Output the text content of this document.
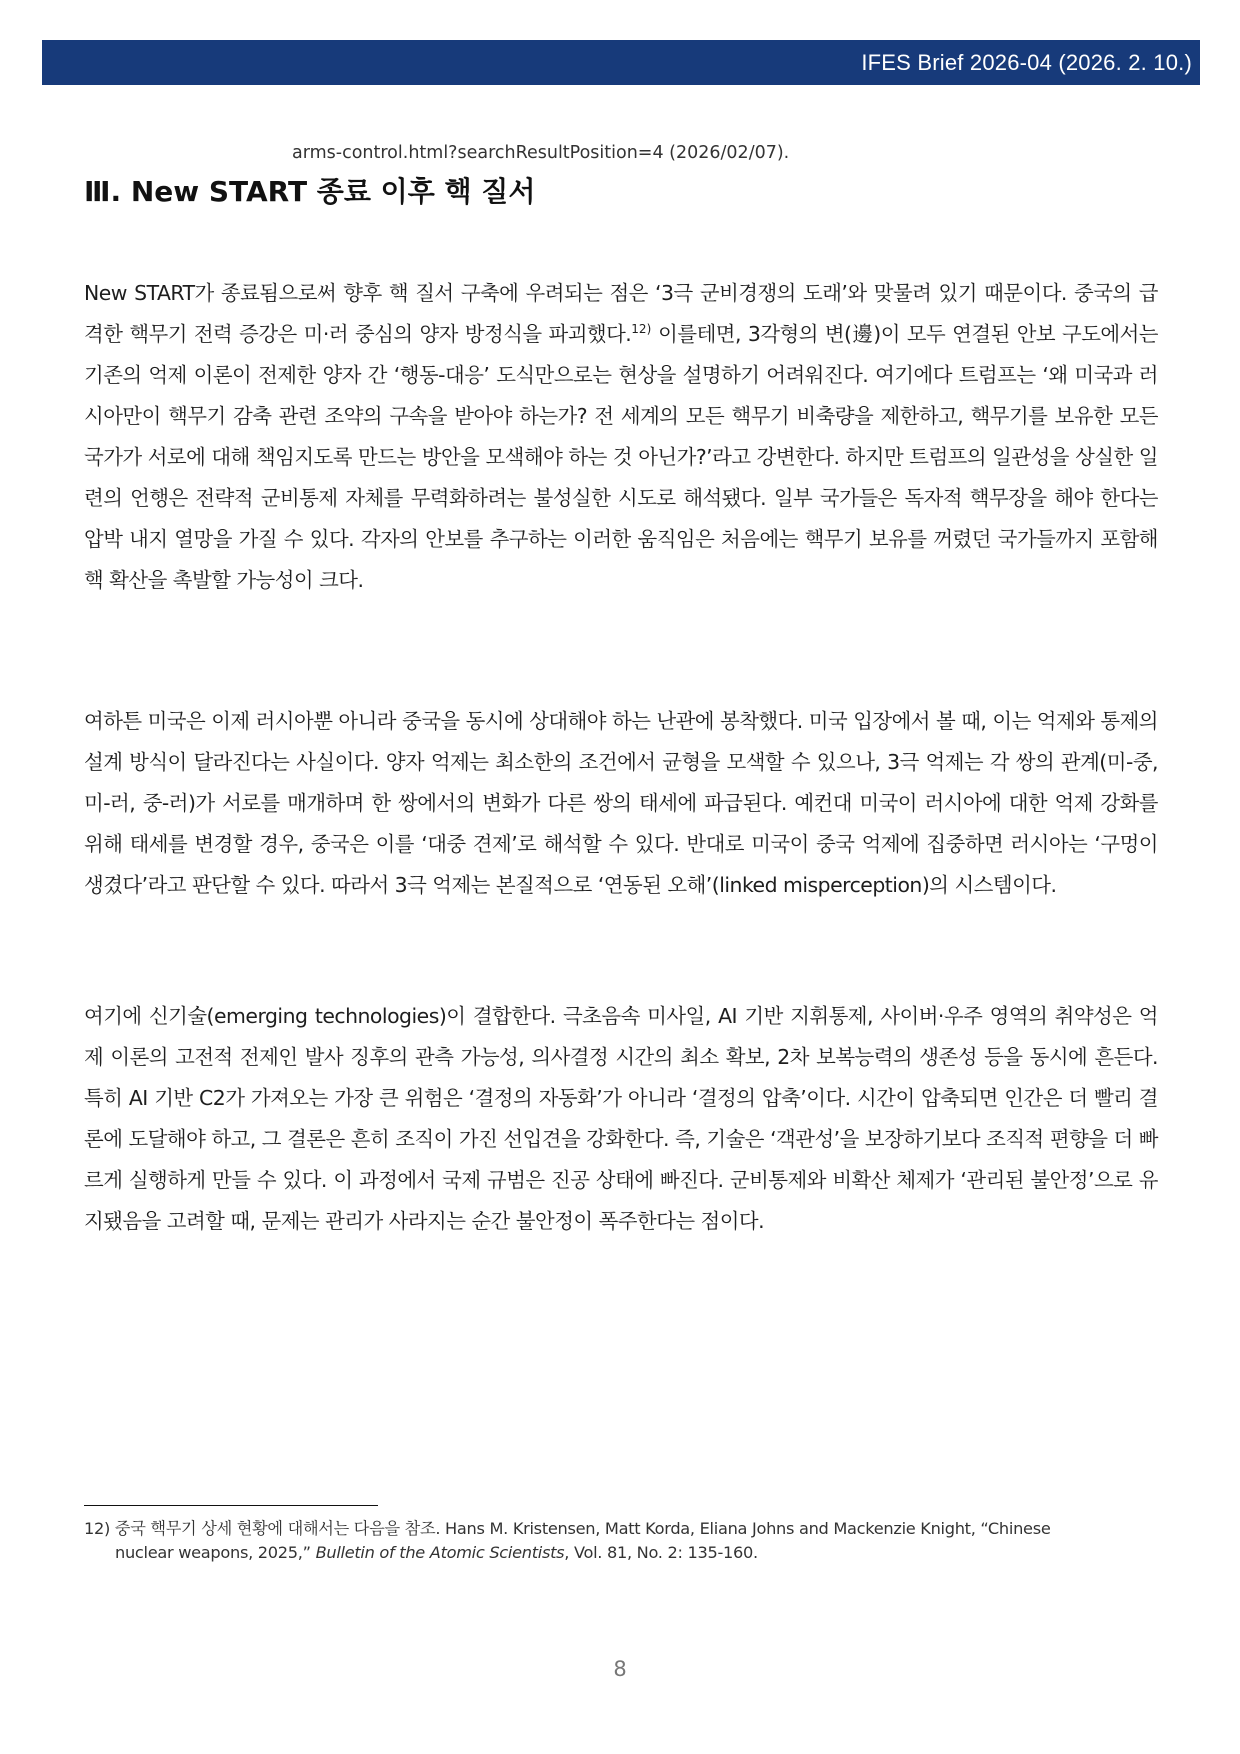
IFES Brief 2026-04 (2026. 2. 10.)
arms-control.html?searchResultPosition=4 (2026/02/07).
Ⅲ. New START 종료 이후 핵 질서

New START가 종료됨으로써 향후 핵 질서 구축에 우려되는 점은 ‘3극 군비경쟁의 도래’와 맞물려 있기 때문이다. 중국의 급격한 핵무기 전력 증강은 미·러 중심의 양자 방정식을 파괴했다.$^{12)}$ 이를테면, 3각형의 변(邊)이 모두 연결된 안보 구도에서는 기존의 억제 이론이 전제한 양자 간 ‘행동-대응’ 도식만으로는 현상을 설명하기 어려워진다. 여기에다 트럼프는 ‘왜 미국과 러시아만이 핵무기 감축 관련 조약의 구속을 받아야 하는가? 전 세계의 모든 핵무기 비축량을 제한하고, 핵무기를 보유한 모든 국가가 서로에 대해 책임지도록 만드는 방안을 모색해야 하는 것 아닌가?’라고 강변한다. 하지만 트럼프의 일관성을 상실한 일련의 언행은 전략적 군비통제 자체를 무력화하려는 불성실한 시도로 해석됐다. 일부 국가들은 독자적 핵무장을 해야 한다는 압박 내지 열망을 가질 수 있다. 각자의 안보를 추구하는 이러한 움직임은 처음에는 핵무기 보유를 꺼렸던 국가들까지 포함해 핵 확산을 촉발할 가능성이 크다.

여하튼 미국은 이제 러시아뿐 아니라 중국을 동시에 상대해야 하는 난관에 봉착했다. 미국 입장에서 볼 때, 이는 억제와 통제의 설계 방식이 달라진다는 사실이다. 양자 억제는 최소한의 조건에서 균형을 모색할 수 있으나, 3극 억제는 각 쌍의 관계(미-중, 미-러, 중-러)가 서로를 매개하며 한 쌍에서의 변화가 다른 쌍의 태세에 파급된다. 예컨대 미국이 러시아에 대한 억제 강화를 위해 태세를 변경할 경우, 중국은 이를 ‘대중 견제’로 해석할 수 있다. 반대로 미국이 중국 억제에 집중하면 러시아는 ‘구멍이 생겼다’라고 판단할 수 있다. 따라서 3극 억제는 본질적으로 ‘연동된 오해’(linked misperception)의 시스템이다.

여기에 신기술(emerging technologies)이 결합한다. 극초음속 미사일, AI 기반 지휘통제, 사이버·우주 영역의 취약성은 억제 이론의 고전적 전제인 발사 징후의 관측 가능성, 의사결정 시간의 최소 확보, 2차 보복능력의 생존성 등을 동시에 흔든다. 특히 AI 기반 C2가 가져오는 가장 큰 위험은 ‘결정의 자동화’가 아니라 ‘결정의 압축’이다. 시간이 압축되면 인간은 더 빨리 결론에 도달해야 하고, 그 결론은 흔히 조직이 가진 선입견을 강화한다. 즉, 기술은 ‘객관성’을 보장하기보다 조직적 편향을 더 빠르게 실행하게 만들 수 있다. 이 과정에서 국제 규범은 진공 상태에 빠진다. 군비통제와 비확산 체제가 ‘관리된 불안정’으로 유지됐음을 고려할 때, 문제는 관리가 사라지는 순간 불안정이 폭주한다는 점이다.

12) 중국 핵무기 상세 현황에 대해서는 다음을 참조. Hans M. Kristensen, Matt Korda, Eliana Johns and Mackenzie Knight, “Chinese
nuclear weapons, 2025,” Bulletin of the Atomic Scientists, Vol. 81, No. 2: 135-160.
8
